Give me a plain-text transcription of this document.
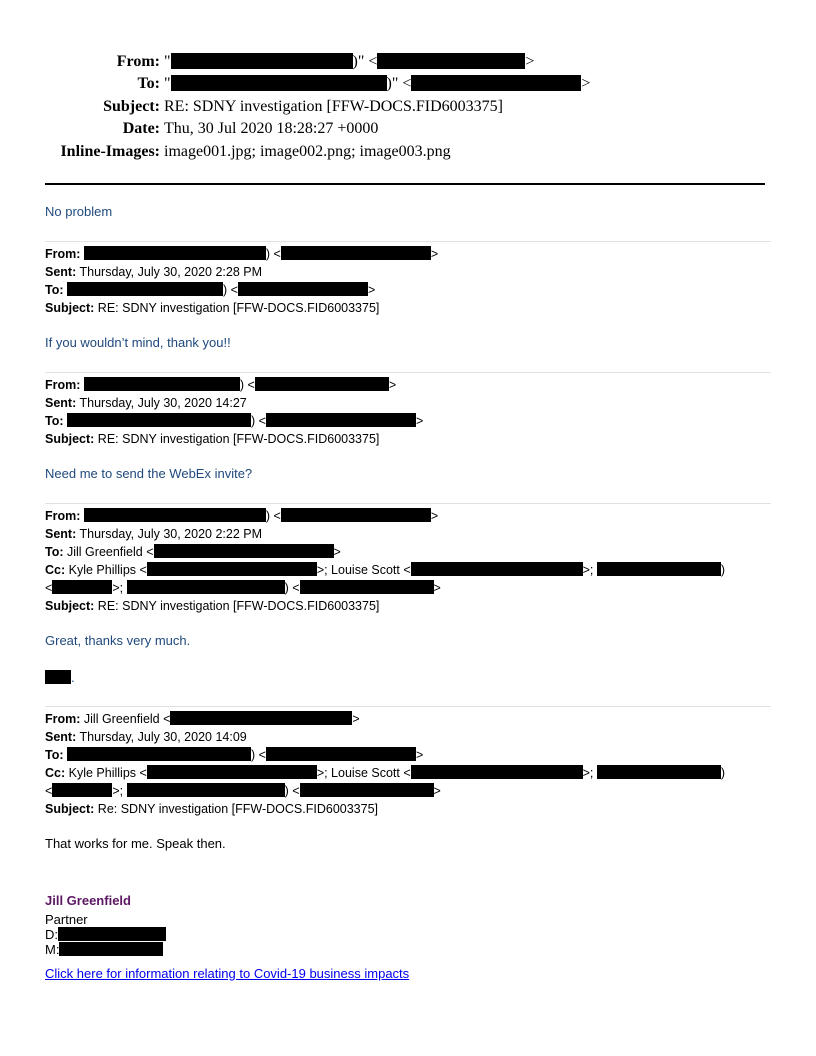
From: "	)" <	>
To: "	)" <	>
Subject: RE: SDNY investigation [FFW-DOCS.FID6003375]
Date: Thu, 30 Jul 2020 18:28:27 +0000
Inline-Images: image001.jpg; image002.png; image003.png
No problem
From:	) <	>
Sent: Thursday, July 30, 2020 2:28 PM
To:	) <	>
Subject: RE: SDNY investigation [FFW-DOCS.FID6003375]
If you wouldn’t mind, thank you!!
From:	) <	>
Sent: Thursday, July 30, 2020 14:27
To:	) <	>
Subject: RE: SDNY investigation [FFW-DOCS.FID6003375]
Need me to send the WebEx invite?
From:	) <	>
Sent: Thursday, July 30, 2020 2:22 PM
To: Jill Greenfield <	>
Cc: Kyle Phillips <	>; Louise Scott <	>;	)
<	>;	) <	>
Subject: RE: SDNY investigation [FFW-DOCS.FID6003375]
Great, thanks very much.
.
From: Jill Greenfield <	>
Sent: Thursday, July 30, 2020 14:09
To:	) <	>
Cc: Kyle Phillips <	>; Louise Scott <	>;	)
<	>;	) <	>
Subject: Re: SDNY investigation [FFW-DOCS.FID6003375]
That works for me. Speak then.
Jill Greenfield
Partner
D:
M:
Click here for information relating to Covid-19 business impacts
